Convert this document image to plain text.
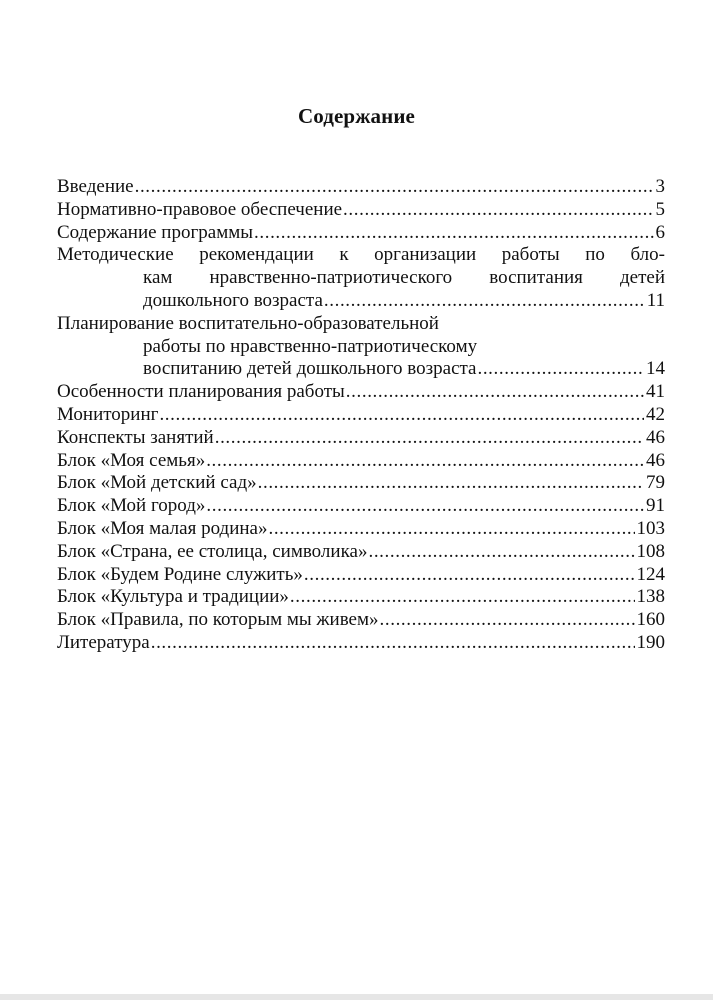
Содержание
Введение .....	3
Нормативно-правовое обеспечение .....	5
Содержание программы .....	6
Методические рекомендации к организации работы по бло-
кам нравственно-патриотического воспитания детей
дошкольного возраста .....	11
Планирование воспитательно-образовательной
работы по нравственно-патриотическому
воспитанию детей дошкольного возраста .....	14
Особенности планирования работы .....	41
Мониторинг .....	42
Конспекты занятий .....	46
Блок «Моя семья» .....	46
Блок «Мой детский сад» .....	79
Блок «Мой город» .....	91
Блок «Моя малая родина» .....	103
Блок «Страна, ее столица, символика» .....	108
Блок «Будем Родине служить» .....	124
Блок «Культура и традиции» .....	138
Блок «Правила, по которым мы живем» .....	160
Литература .....	190
